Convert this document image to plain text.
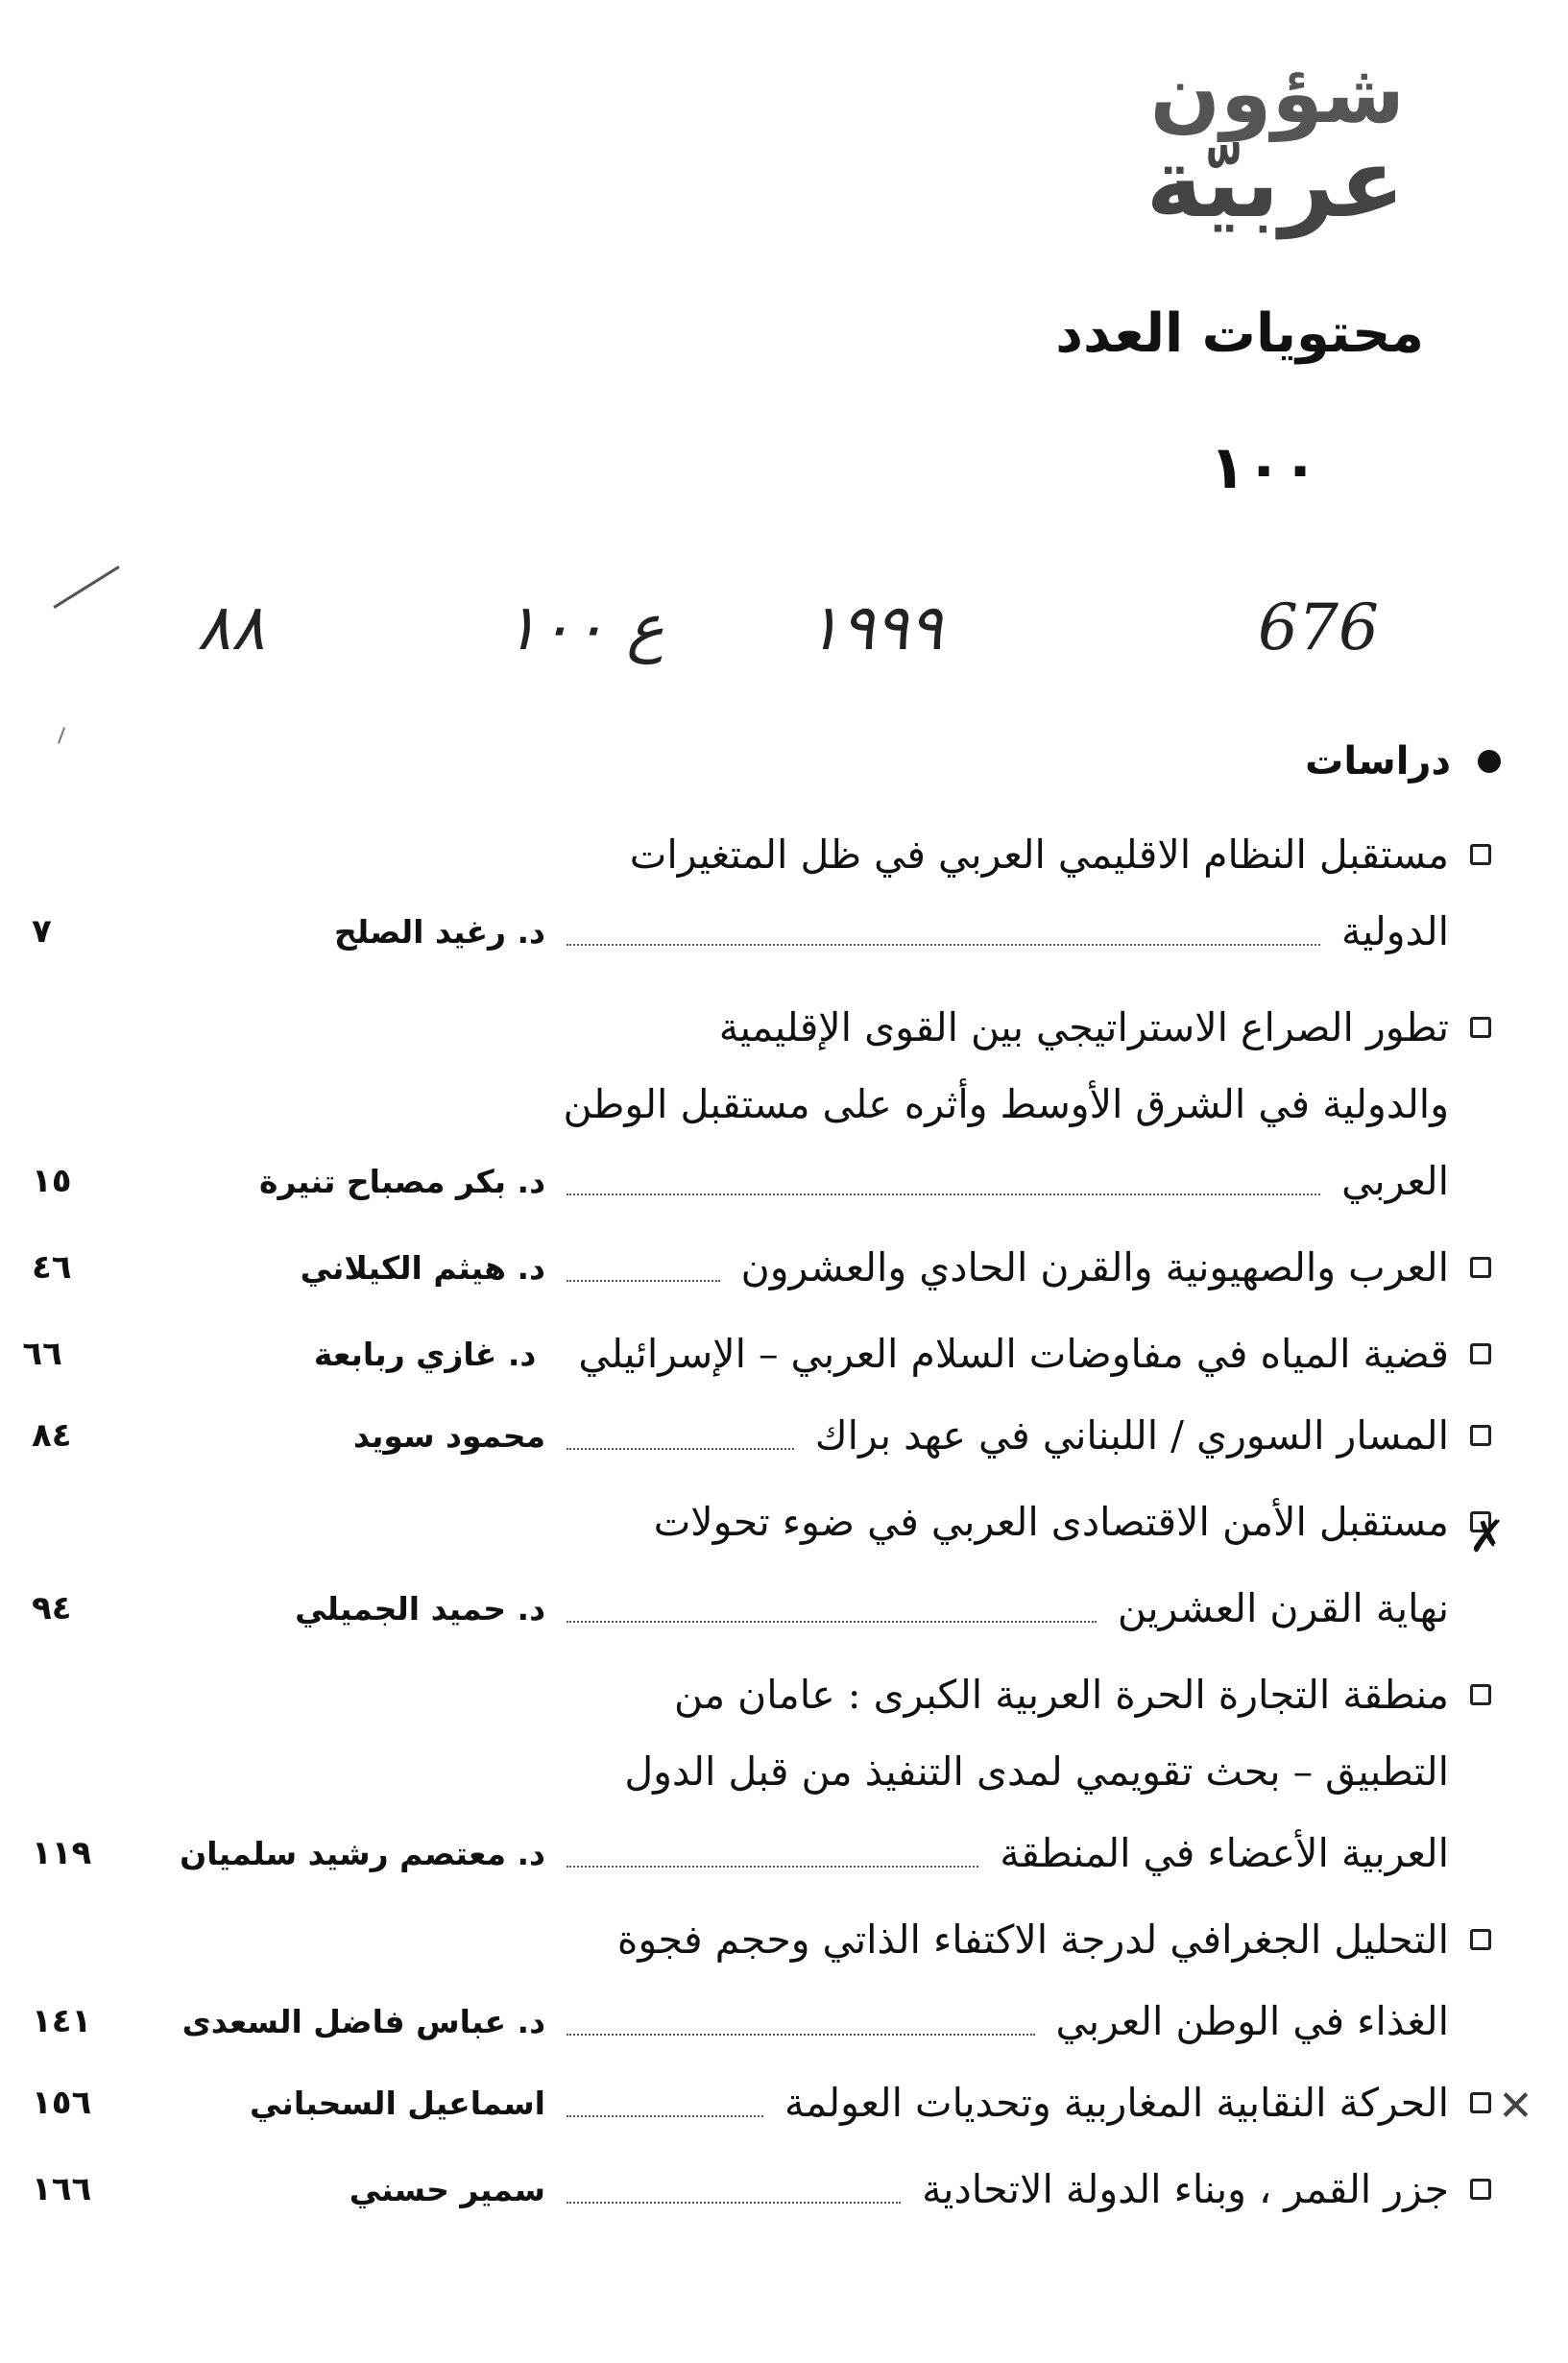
شؤون
عربيّة
محتويات العدد
١٠٠
٨٨	ع ١٠٠ ١٩٩٩	676
دراسات
مستقبل النظام الاقليمي العربي في ظل المتغيرات
الدولية
د. رغيد الصلح
٧
تطور الصراع الاستراتيجي بين القوى الإقليمية
والدولية في الشرق الأوسط وأثره على مستقبل الوطن
العربي
د. بكر مصباح تنيرة
١٥
العرب والصهيونية والقرن الحادي والعشرون
د. هيثم الكيلاني
٤٦
قضية المياه في مفاوضات السلام العربي – الإسرائيلي
د. غازي ربابعة
٦٦
المسار السوري / اللبناني في عهد براك
محمود سويد
٨٤
✗
مستقبل الأمن الاقتصادى العربي في ضوء تحولات
نهاية القرن العشرين
د. حميد الجميلي
٩٤
منطقة التجارة الحرة العربية الكبرى : عامان من
التطبيق – بحث تقويمي لمدى التنفيذ من قبل الدول
العربية الأعضاء في المنطقة
د. معتصم رشيد سلميان
١١٩
التحليل الجغرافي لدرجة الاكتفاء الذاتي وحجم فجوة
الغذاء في الوطن العربي
د. عباس فاضل السعدى
١٤١
الحركة النقابية المغاربية وتحديات العولمة
اسماعيل السحباني
١٥٦
جزر القمر ، وبناء الدولة الاتحادية
سمير حسني
١٦٦
✕
